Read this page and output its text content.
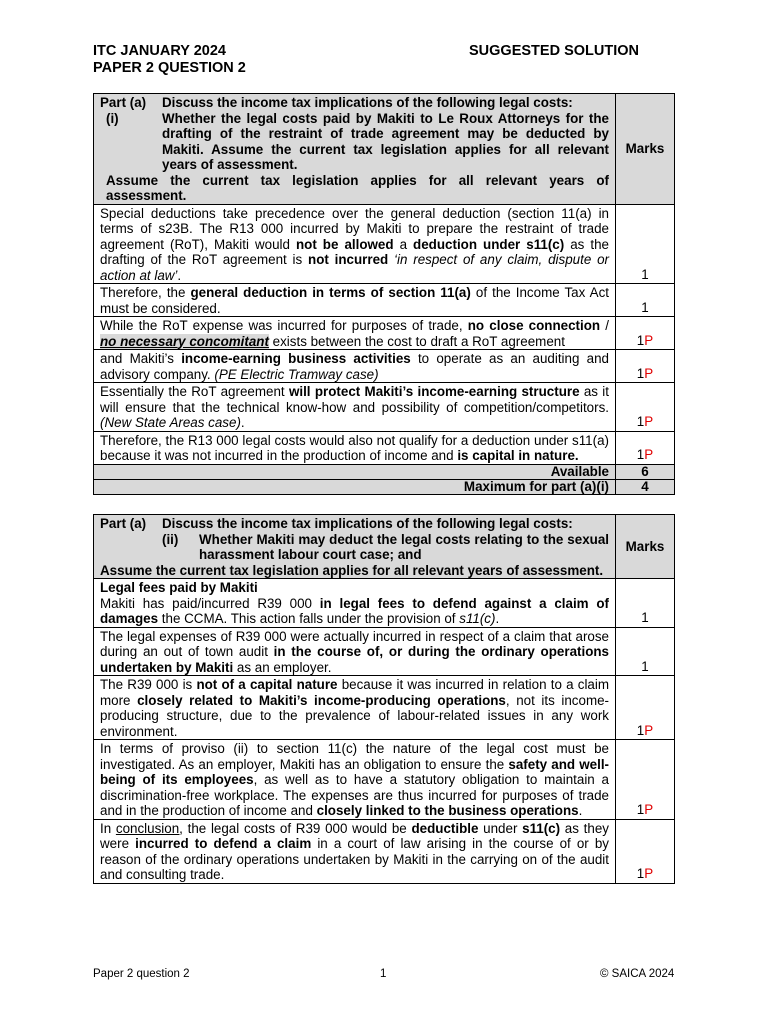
ITC JANUARY 2024
PAPER 2 QUESTION 2
SUGGESTED SOLUTION
Part (a) Discuss the income tax implications of the following legal costs:
(i) Whether the legal costs paid by Makiti to Le Roux Attorneys for the drafting of the restraint of trade agreement may be deducted by Makiti. Assume the current tax legislation applies for all relevant years of assessment.
Assume the current tax legislation applies for all relevant years of assessment.	Marks
Special deductions take precedence over the general deduction (section 11(a) in terms of s23B. The R13 000 incurred by Makiti to prepare the restraint of trade agreement (RoT), Makiti would not be allowed a deduction under s11(c) as the drafting of the RoT agreement is not incurred ‘in respect of any claim, dispute or action at law’.	1
Therefore, the general deduction in terms of section 11(a) of the Income Tax Act must be considered.	1
While the RoT expense was incurred for purposes of trade, no close connection / no necessary concomitant exists between the cost to draft a RoT agreement	1P
and Makiti’s income-earning business activities to operate as an auditing and advisory company. (PE Electric Tramway case)	1P
Essentially the RoT agreement will protect Makiti’s income-earning structure as it will ensure that the technical know-how and possibility of competition/competitors. (New State Areas case).	1P
Therefore, the R13 000 legal costs would also not qualify for a deduction under s11(a) because it was not incurred in the production of income and is capital in nature.	1P
Available	6
Maximum for part (a)(i)	4
Part (a) Discuss the income tax implications of the following legal costs:
(ii) Whether Makiti may deduct the legal costs relating to the sexual harassment labour court case; and
Assume the current tax legislation applies for all relevant years of assessment.	Marks
Legal fees paid by Makiti
Makiti has paid/incurred R39 000 in legal fees to defend against a claim of damages the CCMA. This action falls under the provision of s11(c).	1
The legal expenses of R39 000 were actually incurred in respect of a claim that arose during an out of town audit in the course of, or during the ordinary operations undertaken by Makiti as an employer.	1
The R39 000 is not of a capital nature because it was incurred in relation to a claim more closely related to Makiti’s income-producing operations, not its income-producing structure, due to the prevalence of labour-related issues in any work environment.	1P
In terms of proviso (ii) to section 11(c) the nature of the legal cost must be investigated. As an employer, Makiti has an obligation to ensure the safety and well-being of its employees, as well as to have a statutory obligation to maintain a discrimination-free workplace. The expenses are thus incurred for purposes of trade and in the production of income and closely linked to the business operations.	1P
In conclusion, the legal costs of R39 000 would be deductible under s11(c) as they were incurred to defend a claim in a court of law arising in the course of or by reason of the ordinary operations undertaken by Makiti in the carrying on of the audit and consulting trade.	1P
Paper 2 question 2	1	© SAICA 2024
